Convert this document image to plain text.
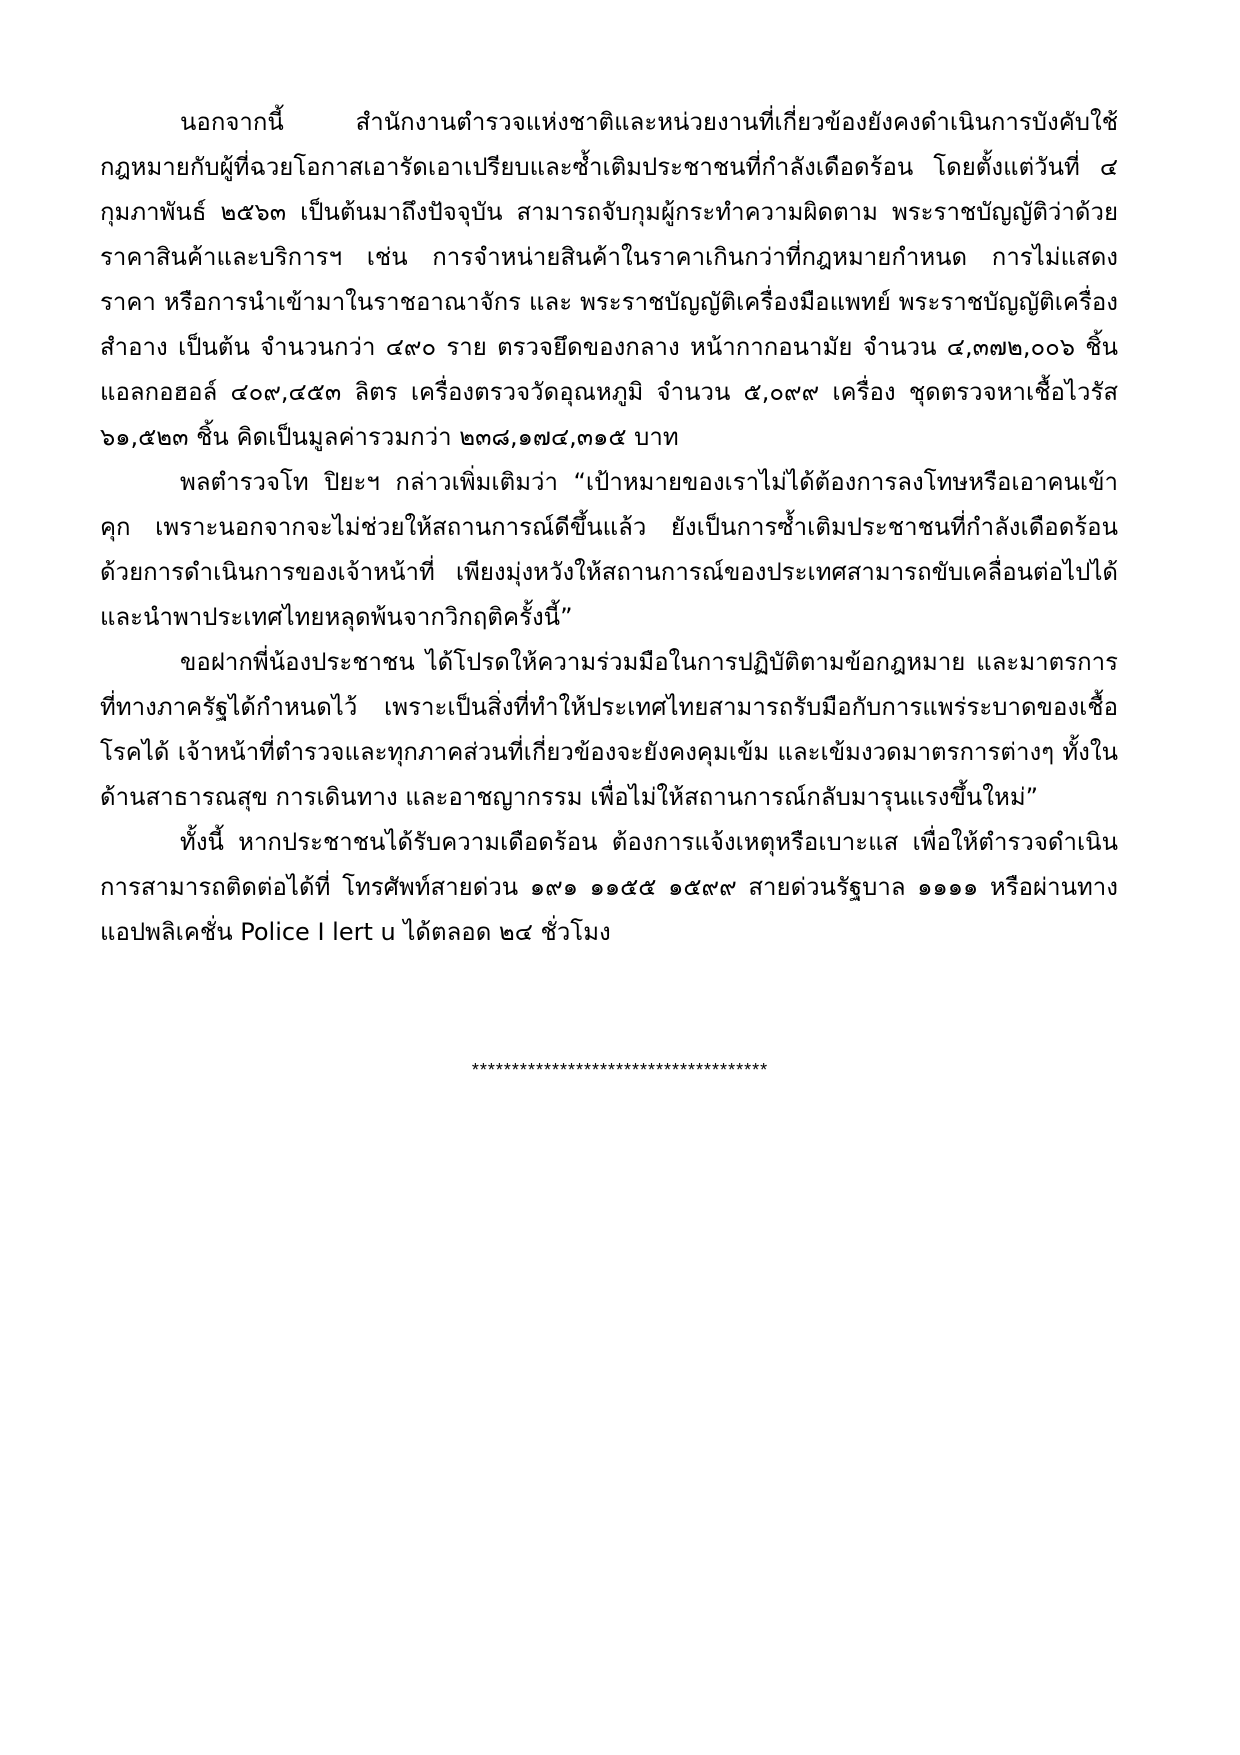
นอกจากนี้ สำนักงานตำรวจแห่งชาติและหน่วยงานที่เกี่ยวข้องยังคงดำเนินการบังคับใช้กฎหมายกับผู้ที่ฉวยโอกาสเอารัดเอาเปรียบและซ้ำเติมประชาชนที่กำลังเดือดร้อน โดยตั้งแต่วันที่ ๔ กุมภาพันธ์ ๒๕๖๓ เป็นต้นมาถึงปัจจุบัน สามารถจับกุมผู้กระทำความผิดตาม พระราชบัญญัติว่าด้วยราคาสินค้าและบริการฯ เช่น การจำหน่ายสินค้าในราคาเกินกว่าที่กฎหมายกำหนด การไม่แสดงราคา หรือการนำเข้ามาในราชอาณาจักร และ พระราชบัญญัติเครื่องมือแพทย์ พระราชบัญญัติเครื่องสำอาง เป็นต้น จำนวนกว่า ๔๙๐ ราย ตรวจยึดของกลาง หน้ากากอนามัย จำนวน ๔,๓๗๒,๐๐๖ ชิ้น แอลกอฮอล์ ๔๐๙,๔๕๓ ลิตร เครื่องตรวจวัดอุณหภูมิ จำนวน ๕,๐๙๙ เครื่อง ชุดตรวจหาเชื้อไวรัส ๖๑,๕๒๓ ชิ้น คิดเป็นมูลค่ารวมกว่า ๒๓๘,๑๗๔,๓๑๕ บาท

พลตำรวจโท ปิยะฯ กล่าวเพิ่มเติมว่า “เป้าหมายของเราไม่ได้ต้องการลงโทษหรือเอาคนเข้าคุก เพราะนอกจากจะไม่ช่วยให้สถานการณ์ดีขึ้นแล้ว ยังเป็นการซ้ำเติมประชาชนที่กำลังเดือดร้อนด้วยการดำเนินการของเจ้าหน้าที่ เพียงมุ่งหวังให้สถานการณ์ของประเทศสามารถขับเคลื่อนต่อไปได้ และนำพาประเทศไทยหลุดพ้นจากวิกฤติครั้งนี้”

ขอฝากพี่น้องประชาชน ได้โปรดให้ความร่วมมือในการปฏิบัติตามข้อกฎหมาย และมาตรการที่ทางภาครัฐได้กำหนดไว้ เพราะเป็นสิ่งที่ทำให้ประเทศไทยสามารถรับมือกับการแพร่ระบาดของเชื้อโรคได้ เจ้าหน้าที่ตำรวจและทุกภาคส่วนที่เกี่ยวข้องจะยังคงคุมเข้ม และเข้มงวดมาตรการต่างๆ ทั้งในด้านสาธารณสุข การเดินทาง และอาชญากรรม เพื่อไม่ให้สถานการณ์กลับมารุนแรงขึ้นใหม่”

ทั้งนี้ หากประชาชนได้รับความเดือดร้อน ต้องการแจ้งเหตุหรือเบาะแส เพื่อให้ตำรวจดำเนินการสามารถติดต่อได้ที่ โทรศัพท์สายด่วน ๑๙๑ ๑๑๕๕ ๑๕๙๙ สายด่วนรัฐบาล ๑๑๑๑ หรือผ่านทางแอปพลิเคชั่น Police I lert u ได้ตลอด ๒๔ ชั่วโมง

*************************************
